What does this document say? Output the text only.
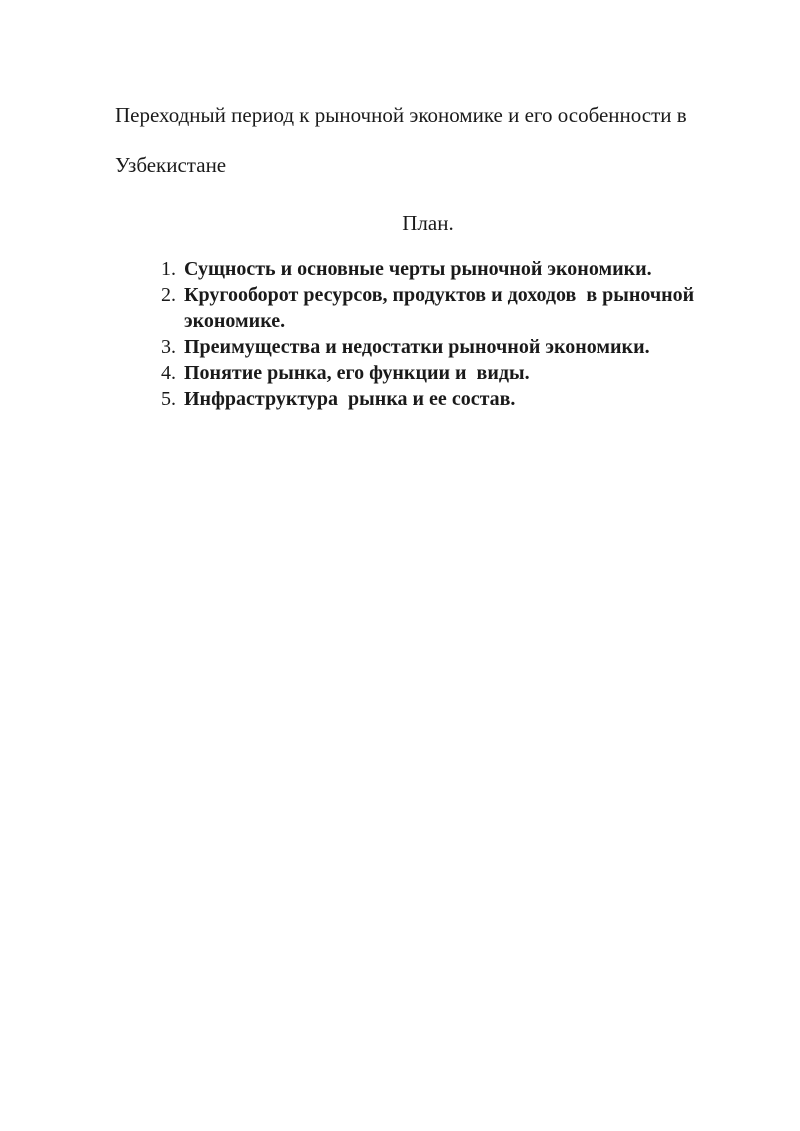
Переходный период к рыночной экономике и его особенности в

Узбекистане

План.

1. Сущность и основные черты рыночной экономики.
2. Кругооборот ресурсов, продуктов и доходов  в рыночной экономике.
3. Преимущества и недостатки рыночной экономики.
4. Понятие рынка, его функции и  виды.
5. Инфраструктура  рынка и ее состав.
